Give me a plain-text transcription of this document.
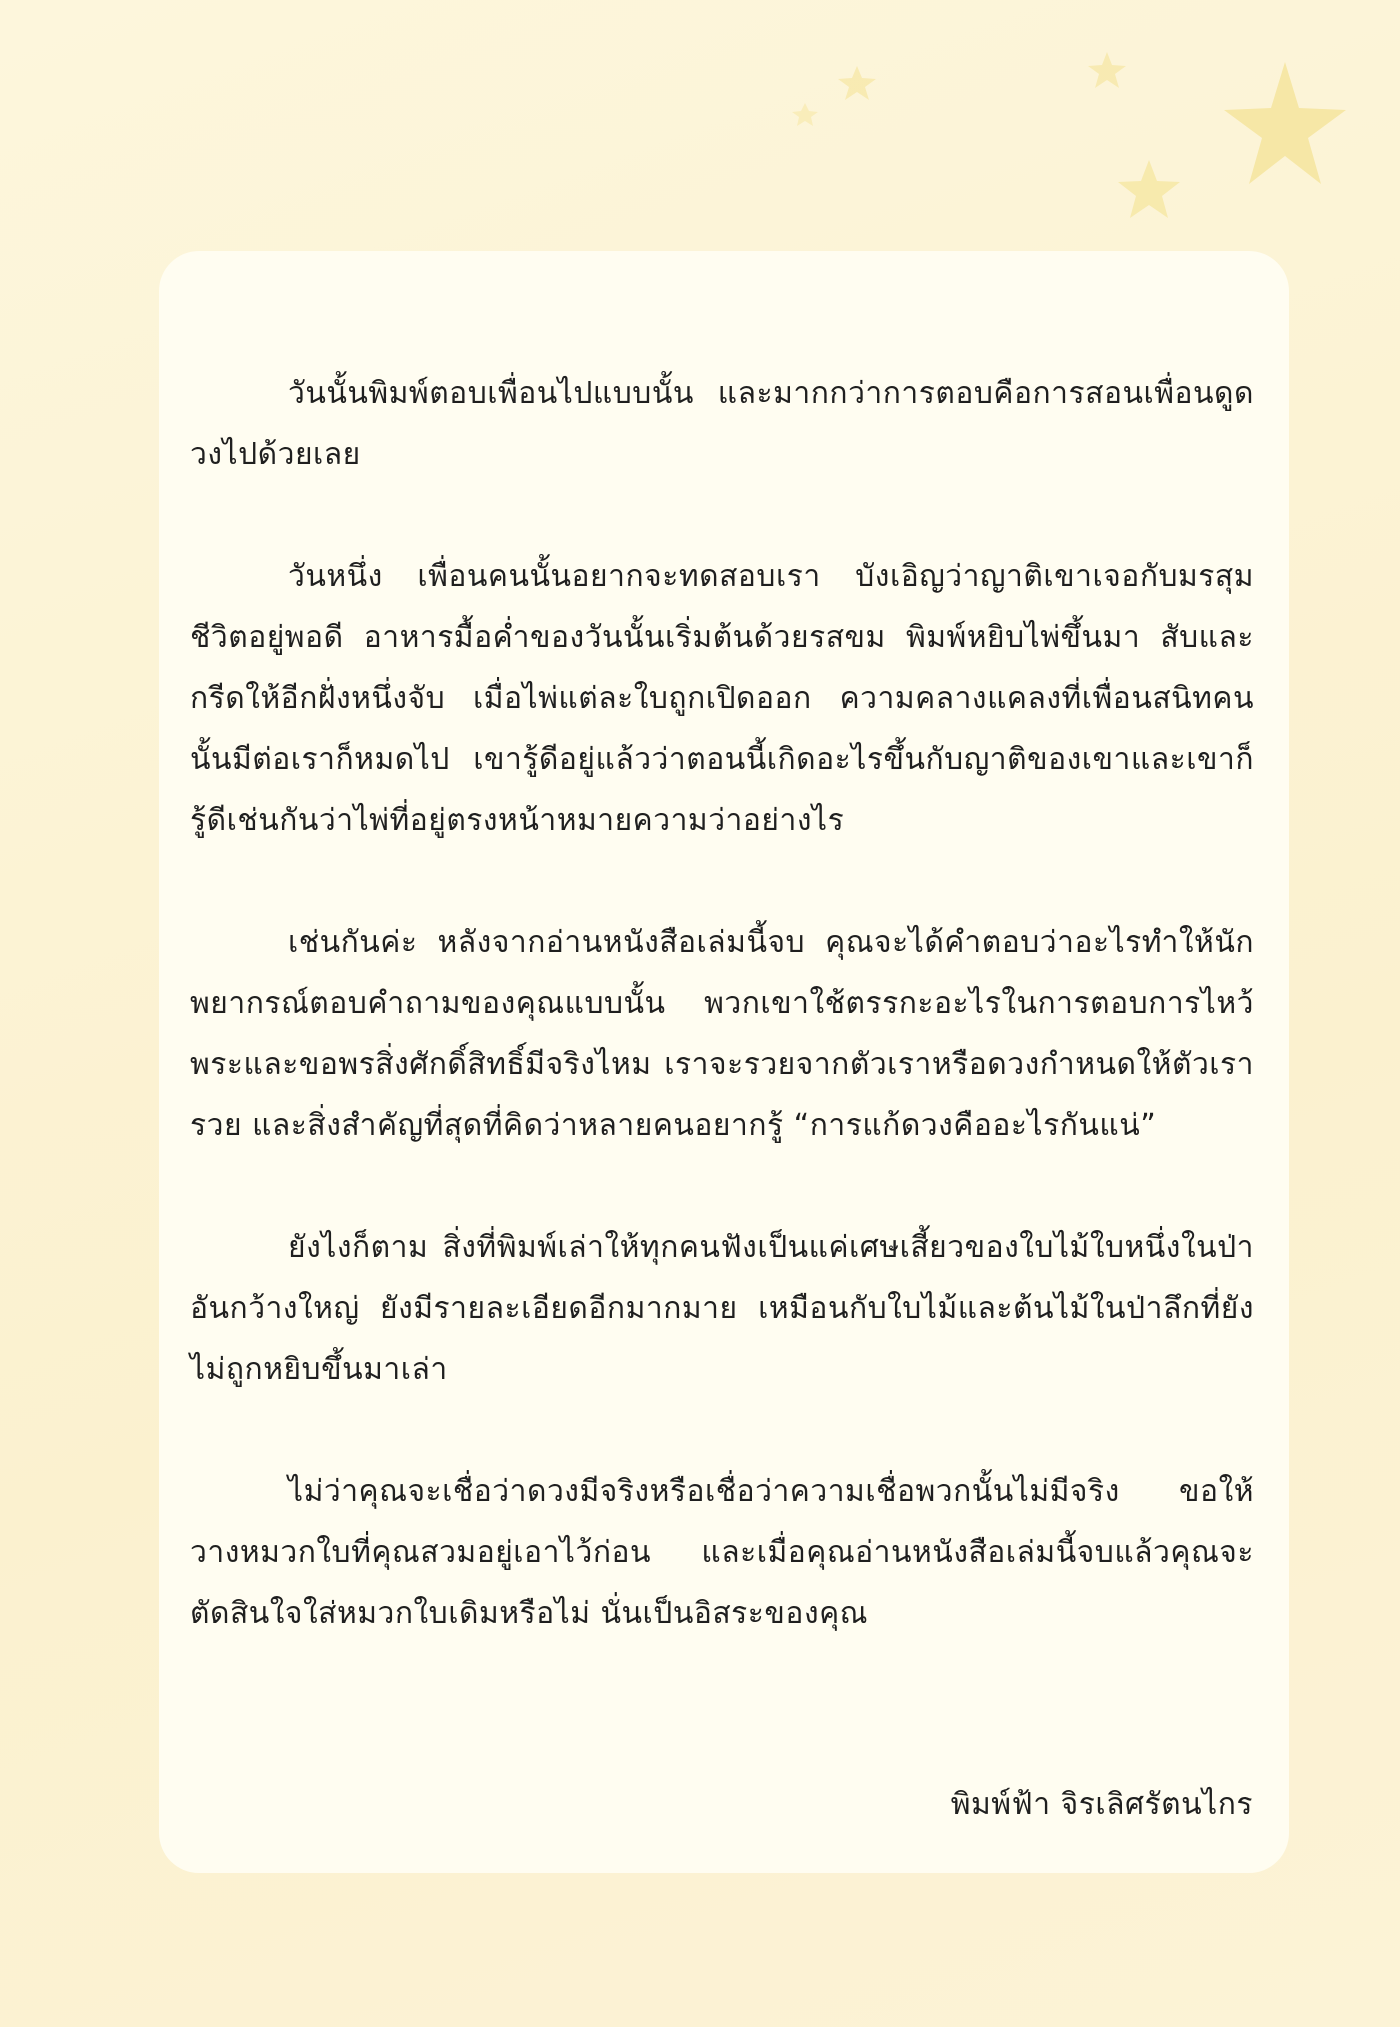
วันนั้นพิมพ์ตอบเพื่อนไปแบบนั้น และมากกว่าการตอบคือการสอนเพื่อนดูดวงไปด้วยเลย

วันหนึ่ง เพื่อนคนนั้นอยากจะทดสอบเรา บังเอิญว่าญาติเขาเจอกับมรสุมชีวิตอยู่พอดี อาหารมื้อค่ำของวันนั้นเริ่มต้นด้วยรสขม พิมพ์หยิบไพ่ขึ้นมา สับและกรีดให้อีกฝั่งหนึ่งจับ เมื่อไพ่แต่ละใบถูกเปิดออก ความคลางแคลงที่เพื่อนสนิทคนนั้นมีต่อเราก็หมดไป เขารู้ดีอยู่แล้วว่าตอนนี้เกิดอะไรขึ้นกับญาติของเขาและเขาก็รู้ดีเช่นกันว่าไพ่ที่อยู่ตรงหน้าหมายความว่าอย่างไร

เช่นกันค่ะ หลังจากอ่านหนังสือเล่มนี้จบ คุณจะได้คำตอบว่าอะไรทำให้นักพยากรณ์ตอบคำถามของคุณแบบนั้น พวกเขาใช้ตรรกะอะไรในการตอบการไหว้พระและขอพรสิ่งศักดิ์สิทธิ์มีจริงไหม เราจะรวยจากตัวเราหรือดวงกำหนดให้ตัวเรารวย และสิ่งสำคัญที่สุดที่คิดว่าหลายคนอยากรู้ “การแก้ดวงคืออะไรกันแน่”

ยังไงก็ตาม สิ่งที่พิมพ์เล่าให้ทุกคนฟังเป็นแค่เศษเสี้ยวของใบไม้ใบหนึ่งในป่าอันกว้างใหญ่ ยังมีรายละเอียดอีกมากมาย เหมือนกับใบไม้และต้นไม้ในป่าลึกที่ยังไม่ถูกหยิบขึ้นมาเล่า

ไม่ว่าคุณจะเชื่อว่าดวงมีจริงหรือเชื่อว่าความเชื่อพวกนั้นไม่มีจริง ขอให้วางหมวกใบที่คุณสวมอยู่เอาไว้ก่อน และเมื่อคุณอ่านหนังสือเล่มนี้จบแล้วคุณจะตัดสินใจใส่หมวกใบเดิมหรือไม่ นั่นเป็นอิสระของคุณ

พิมพ์ฟ้า จิรเลิศรัตนไกร
